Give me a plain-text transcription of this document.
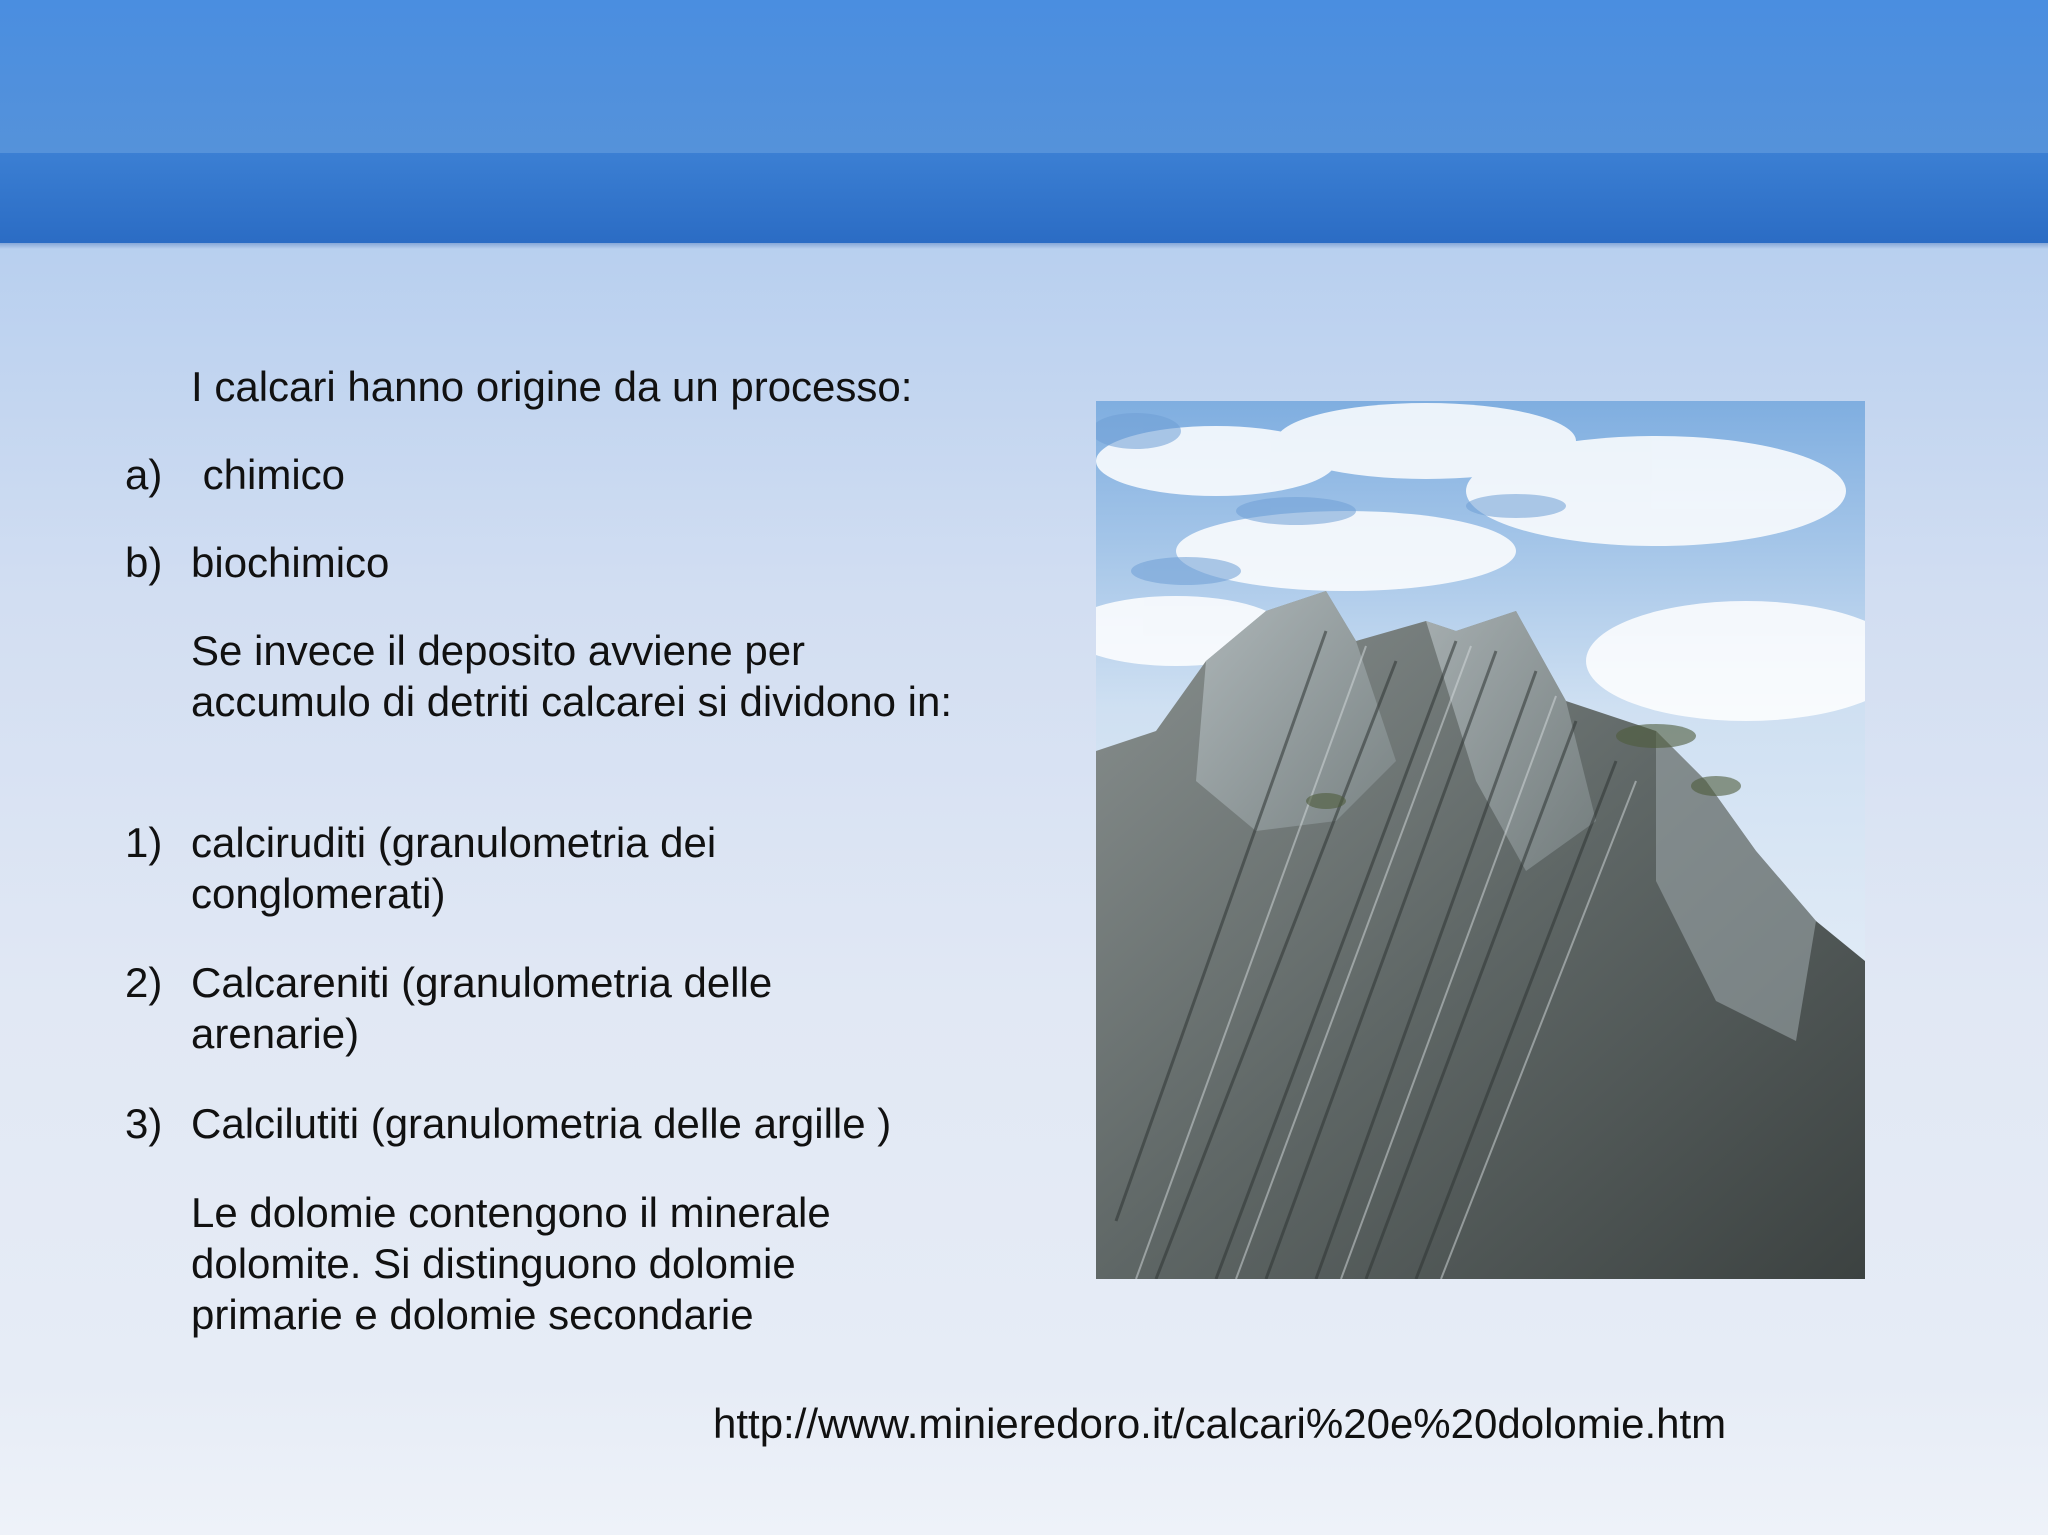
I calcari hanno origine da un processo:
a) chimico
b) biochimico
Se invece il deposito avviene per accumulo di detriti calcarei si dividono in:
1) calciruditi (granulometria dei conglomerati)
2) Calcareniti (granulometria delle arenarie)
3) Calcilutiti (granulometria delle argille )
Le dolomie contengono il minerale dolomite. Si distinguono dolomie primarie e dolomie secondarie
http://www.minieredoro.it/calcari%20e%20dolomie.htm
